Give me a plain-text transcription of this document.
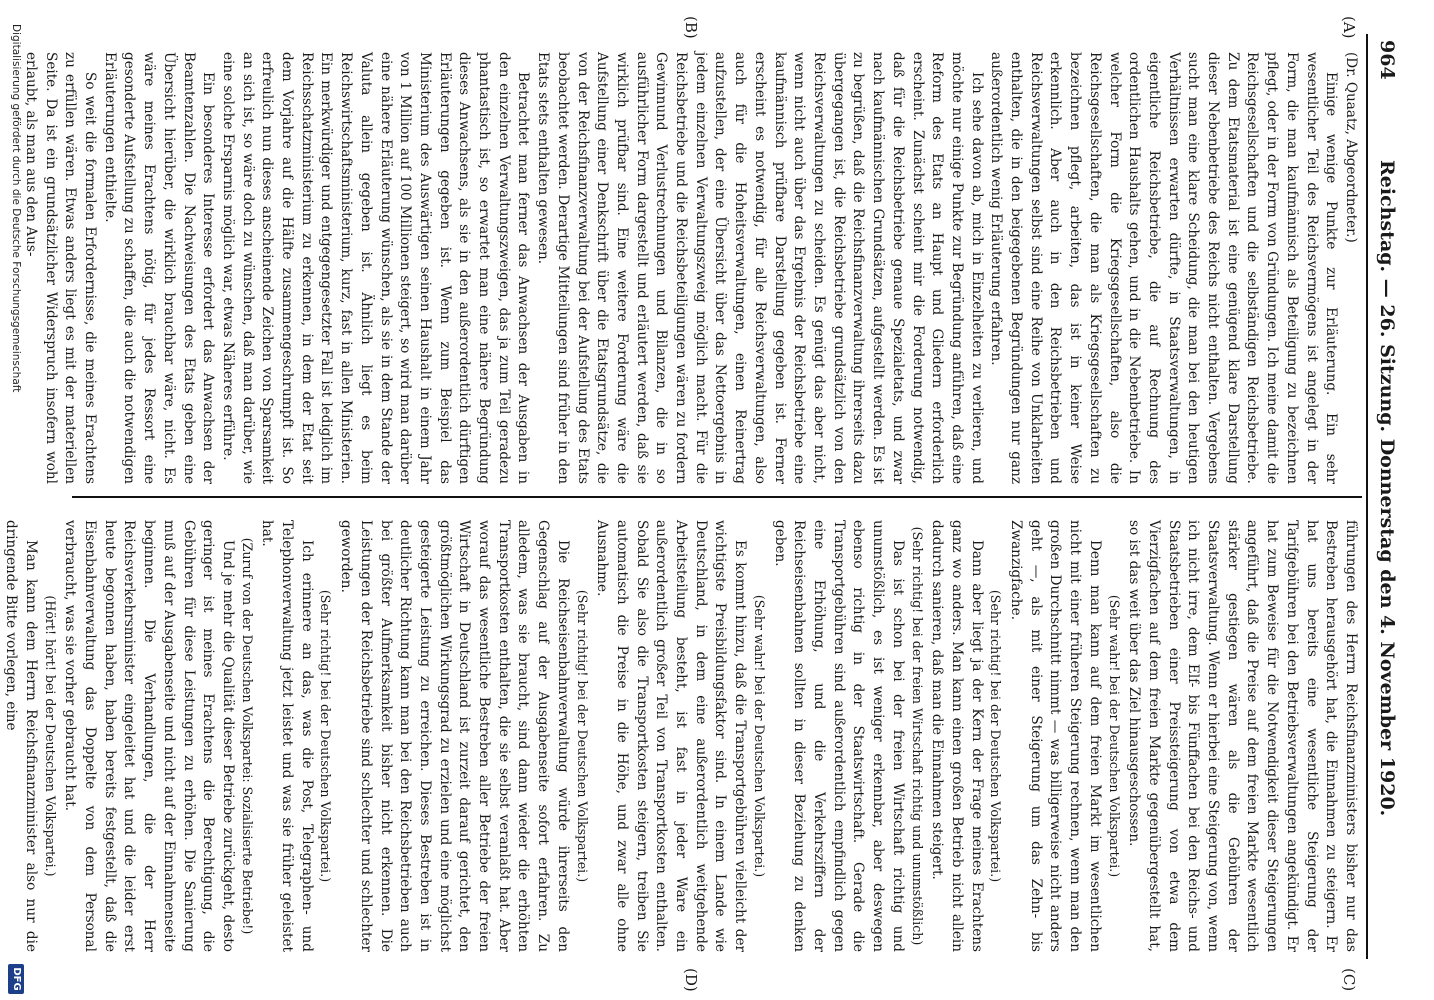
964
Reichstag. — 26. Sitzung. Donnerstag den 4. November 1920.
(A)
(B)
(C)
(D)

(Dr. Quaatz, Abgeordneter.)

Einige wenige Punkte zur Erläuterung. Ein sehr wesentlicher Teil des Reichsvermögens ist angelegt in der Form, die man kaufmännisch als Beteiligung zu bezeichnen pflegt, oder in der Form von Gründungen. Ich meine damit die Reichsgesellschaften und die selbständigen Reichsbetriebe. Zu dem Etatsmaterial ist eine genügend klare Darstellung dieser Nebenbetriebe des Reichs nicht enthalten. Vergebens sucht man eine klare Scheidung, die man bei den heutigen Verhältnissen erwarten dürfte, in Staatsverwaltungen, in eigentliche Reichsbetriebe, die auf Rechnung des ordentlichen Haushalts gehen, und in die Nebenbetriebe. In welcher Form die Kriegsgesellschaften, also die Reichsgesellschaften, die man als Kriegsgesellschaften zu bezeichnen pflegt, arbeiten, das ist in keiner Weise erkennlich. Aber auch in den Reichsbetrieben und Reichsverwaltungen selbst sind eine Reihe von Unklarheiten enthalten, die in den beigegebenen Begründungen nur ganz außerordentlich wenig Erläuterung erfahren.

Ich sehe davon ab, mich in Einzelheiten zu verlieren, und möchte nur einige Punkte zur Begründung anführen, daß eine Reform des Etats an Haupt und Gliedern erforderlich erscheint. Zunächst scheint mir die Forderung notwendig, daß für die Reichsbetriebe genaue Spezialetats, und zwar nach kaufmännischen Grundsätzen, aufgestellt werden. Es ist zu begrüßen, daß die Reichsfinanzverwaltung ihrerseits dazu übergegangen ist, die Reichsbetriebe grundsätzlich von den Reichsverwaltungen zu scheiden. Es genügt das aber nicht, wenn nicht auch über das Ergebnis der Reichsbetriebe eine kaufmännisch prüfbare Darstellung gegeben ist. Ferner erscheint es notwendig, für alle Reichsverwaltungen, also auch für die Hoheitsverwaltungen, einen Reinertrag aufzustellen, der eine Übersicht über das Nettoergebnis in jedem einzelnen Verwaltungszweig möglich macht. Für die Reichsbetriebe und die Reichsbeteiligungen wären zu fordern Gewinnund Verlustrechnungen und Bilanzen, die in so ausführlicher Form dargestellt und erläutert werden, daß sie wirklich prüfbar sind. Eine weitere Forderung wäre die Aufstellung einer Denkschrift über die Etatsgrundsätze, die von der Reichsfinanzverwaltung bei der Aufstellung des Etats beobachtet werden. Derartige Mitteilungen sind früher in den Etats stets enthalten gewesen.

Betrachtet man ferner das Anwachsen der Ausgaben in den einzelnen Verwaltungszweigen, das ja zum Teil geradezu phantastisch ist, so erwartet man eine nähere Begründung dieses Anwachsens, als sie in den außerordentlich dürftigen Erläuterungen gegeben ist. Wenn zum Beispiel das Ministerium des Auswärtigen seinen Haushalt in einem Jahr von 1 Million auf 100 Millionen steigert, so wird man darüber eine nähere Erläuterung wünschen, als sie in dem Stande der Valuta allein gegeben ist. Ähnlich liegt es beim Reichswirtschaftsministerium, kurz, fast in allen Ministerien. Ein merkwürdiger und entgegengesetzter Fall ist lediglich im Reichsschatzministerium zu erkennen, in dem der Etat seit dem Vorjahre auf die Hälfte zusammengeschrumpft ist. So erfreulich nun dieses anscheinende Zeichen von Sparsamkeit an sich ist, so wäre doch zu wünschen, daß man darüber, wie eine solche Ersparnis möglich war, etwas Näheres erführe.

Ein besonderes Interesse erfordert das Anwachsen der Beamtenzahlen. Die Nachweisungen des Etats geben eine Übersicht hierüber, die wirklich brauchbar wäre, nicht. Es wäre meines Erachtens nötig, für jedes Ressort eine gesonderte Aufstellung zu schaffen, die auch die notwendigen Erläuterungen enthielte.

So weit die formalen Erfordernisse, die meines Erachtens zu erfüllen wären. Etwas anders liegt es mit der materiellen Seite. Da ist ein grundsätzlicher Widerspruch insofern wohl erlaubt, als man aus den Aus-

führungen des Herrn Reichsfinanzministers bisher nur das Bestreben herausgehört hat, die Einnahmen zu steigern. Er hat uns bereits eine wesentliche Steigerung der Tarifgebühren bei den Betriebsverwaltungen angekündigt. Er hat zum Beweise für die Notwendigkeit dieser Steigerungen angeführt, daß die Preise auf dem freien Markte wesentlich stärker gestiegen wären als die Gebühren der Staatsverwaltung. Wenn er hierbei eine Steigerung von, wenn ich nicht irre, dem Elf- bis Fünffachen bei den Reichs- und Staatsbetrieben einer Preissteigerung von etwa dem Vierzigfachen auf dem freien Markte gegenübergestellt hat, so ist das weit über das Ziel hinausgeschossen.

(Sehr wahr! bei der Deutschen Volkspartei.)

Denn man kann auf dem freien Markt im wesentlichen nicht mit einer früheren Steigerung rechnen, wenn man den großen Durchschnitt nimmt — was billigerweise nicht anders geht —, als mit einer Steigerung um das Zehn- bis Zwanzigfache.

(Sehr richtig! bei der Deutschen Volkspartei.)

Dann aber liegt ja der Kern der Frage meines Erachtens ganz wo anders. Man kann einen großen Betrieb nicht allein dadurch sanieren, daß man die Einnahmen steigert.

(Sehr richtig! bei der freien Wirtschaft richtig und unumstößlich)

Das ist schon bei der freien Wirtschaft richtig und unumstößlich, es ist weniger erkennbar, aber deswegen ebenso richtig in der Staatswirtschaft. Gerade die Transportgebühren sind außerordentlich empfindlich gegen eine Erhöhung, und die Verkehrsziffern der Reichseisenbahnen sollten in dieser Beziehung zu denken geben.

(Sehr wahr! bei der Deutschen Volkspartei.)

Es kommt hinzu, daß die Transportgebühren vielleicht der wichtigste Preisbildungsfaktor sind. In einem Lande wie Deutschland, in dem eine außerordentlich weitgehende Arbeitsteilung besteht, ist fast in jeder Ware ein außerordentlich großer Teil von Transportkosten enthalten. Sobald Sie also die Transportkosten steigern, treiben Sie automatisch die Preise in die Höhe, und zwar alle ohne Ausnahme.

(Sehr richtig! bei der Deutschen Volkspartei.)

Die Reichseisenbahnverwaltung würde ihrerseits den Gegenschlag auf der Ausgabenseite sofort erfahren. Zu alledem, was sie braucht, sind dann wieder die erhöhten Transportkosten enthalten, die sie selbst veranlaßt hat. Aber worauf das wesentliche Bestreben aller Betriebe der freien Wirtschaft in Deutschland ist zurzeit darauf gerichtet, den größtmöglichen Wirkungsgrad zu erzielen und eine möglichst gesteigerte Leistung zu erreichen. Dieses Bestreben ist in deutlicher Richtung kann man bei den Reichsbetrieben auch bei größter Aufmerksamkeit bisher nicht erkennen. Die Leistungen der Reichsbetriebe sind schlechter und schlechter geworden.

(Sehr richtig! bei der Deutschen Volkspartei.)

Ich erinnere an das, was die Post, Telegraphen- und Telephonverwaltung jetzt leistet und was sie früher geleistet hat.

(Zuruf von der Deutschen Volkspartei: Sozialisierte Betriebe!)

Und je mehr die Qualität dieser Betriebe zurückgeht, desto geringer ist meines Erachtens die Berechtigung, die Gebühren für diese Leistungen zu erhöhen. Die Sanierung muß auf der Ausgabenseite und nicht auf der Einnahmenseite beginnen. Die Verhandlungen, die der Herr Reichsverkehrsminister eingeleitet hat und die leider erst heute begonnen haben, haben bereits festgestellt, daß die Eisenbahnverwaltung das Doppelte von dem Personal verbraucht, was sie vorher gebraucht hat.

(Hört! hört! bei der Deutschen Volkspartei.)

Man kann dem Herrn Reichsfinanzminister also nur die dringende Bitte vorlegen, eine

Digitalisierung gefördert durch die Deutsche Forschungsgemeinschaft
DFG
